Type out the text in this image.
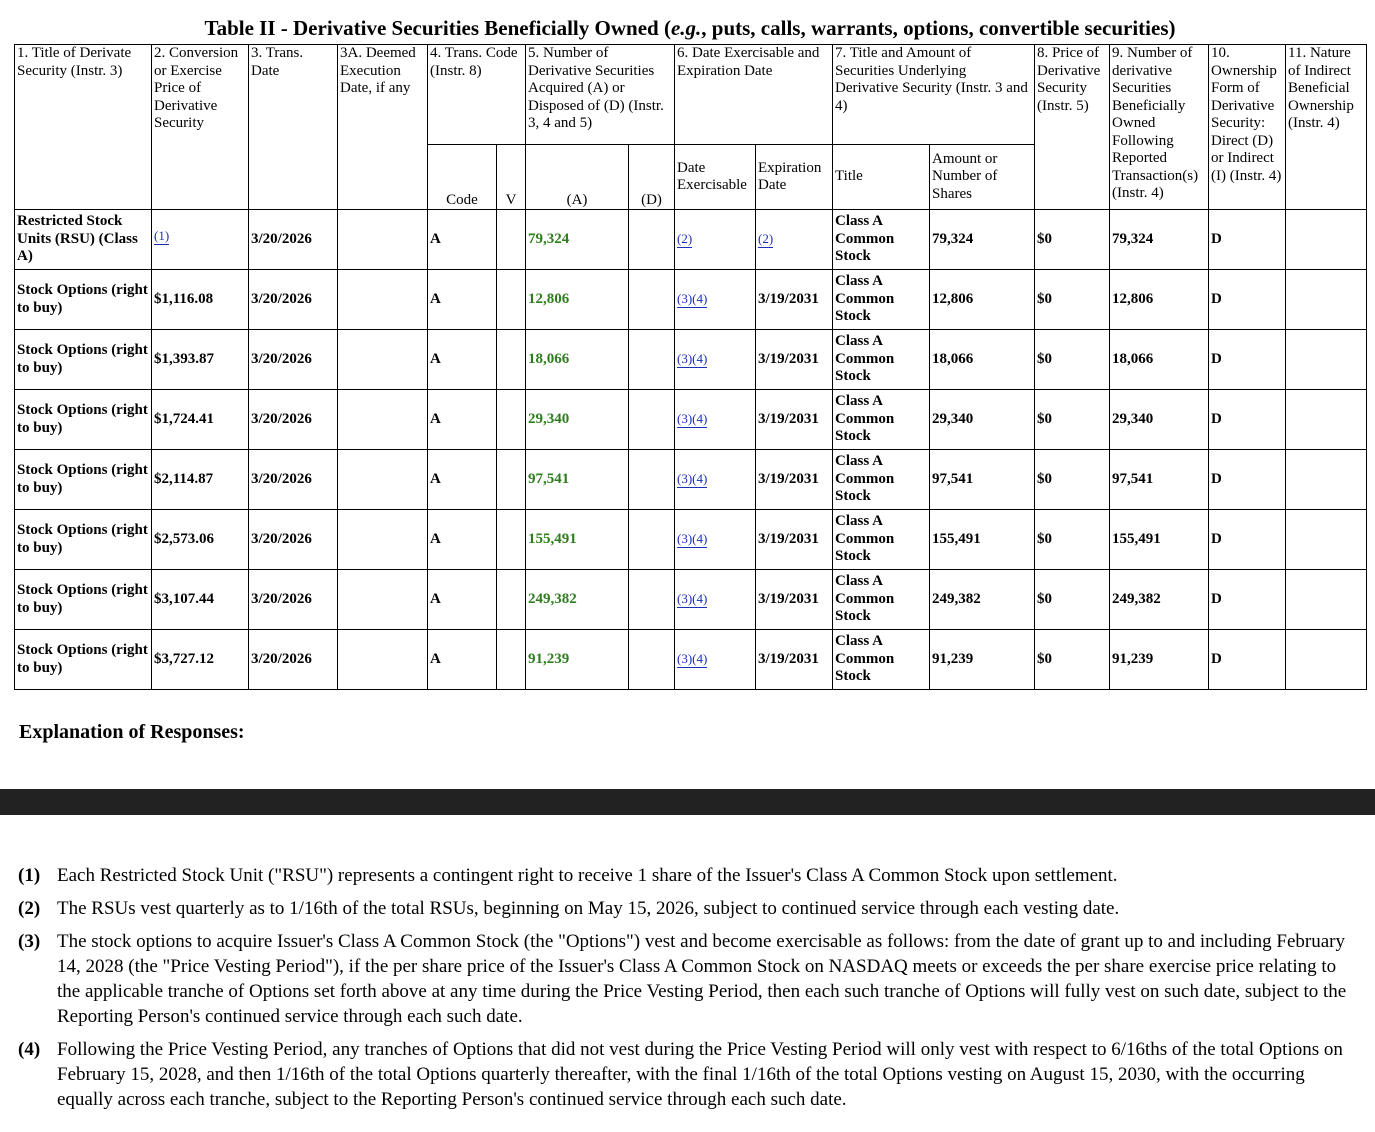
Table II - Derivative Securities Beneficially Owned (e.g., puts, calls, warrants, options, convertible securities)
1. Title of Derivate Security (Instr. 3)	2. Conversion or Exercise Price of Derivative Security	3. Trans. Date	3A. Deemed Execution Date, if any	4. Trans. Code (Instr. 8)		5. Number of Derivative Securities Acquired (A) or Disposed of (D) (Instr. 3, 4 and 5)		6. Date Exercisable and Expiration Date		7. Title and Amount of Securities Underlying Derivative Security (Instr. 3 and 4)		8. Price of Derivative Security (Instr. 5)	9. Number of derivative Securities Beneficially Owned Following Reported Transaction(s) (Instr. 4)	10. Ownership Form of Derivative Security: Direct (D) or Indirect (I) (Instr. 4)	11. Nature of Indirect Beneficial Ownership (Instr. 4)
				Code	V	(A)	(D)	Date Exercisable	Expiration Date	Title	Amount or Number of Shares				
Restricted Stock Units (RSU) (Class A)	(1)	3/20/2026		A		79,324		(2)	(2)	Class A Common Stock	79,324	$0	79,324	D	
Stock Options (right to buy)	$1,116.08	3/20/2026		A		12,806		(3)(4)	3/19/2031	Class A Common Stock	12,806	$0	12,806	D	
Stock Options (right to buy)	$1,393.87	3/20/2026		A		18,066		(3)(4)	3/19/2031	Class A Common Stock	18,066	$0	18,066	D	
Stock Options (right to buy)	$1,724.41	3/20/2026		A		29,340		(3)(4)	3/19/2031	Class A Common Stock	29,340	$0	29,340	D	
Stock Options (right to buy)	$2,114.87	3/20/2026		A		97,541		(3)(4)	3/19/2031	Class A Common Stock	97,541	$0	97,541	D	
Stock Options (right to buy)	$2,573.06	3/20/2026		A		155,491		(3)(4)	3/19/2031	Class A Common Stock	155,491	$0	155,491	D	
Stock Options (right to buy)	$3,107.44	3/20/2026		A		249,382		(3)(4)	3/19/2031	Class A Common Stock	249,382	$0	249,382	D	
Stock Options (right to buy)	$3,727.12	3/20/2026		A		91,239		(3)(4)	3/19/2031	Class A Common Stock	91,239	$0	91,239	D	
Explanation of Responses:
(1) Each Restricted Stock Unit ("RSU") represents a contingent right to receive 1 share of the Issuer's Class A Common Stock upon settlement.
(2) The RSUs vest quarterly as to 1/16th of the total RSUs, beginning on May 15, 2026, subject to continued service through each vesting date.
(3) The stock options to acquire Issuer's Class A Common Stock (the "Options") vest and become exercisable as follows: from the date of grant up to and including February 14, 2028 (the "Price Vesting Period"), if the per share price of the Issuer's Class A Common Stock on NASDAQ meets or exceeds the per share exercise price relating to the applicable tranche of Options set forth above at any time during the Price Vesting Period, then each such tranche of Options will fully vest on such date, subject to the Reporting Person's continued service through each such date.
(4) Following the Price Vesting Period, any tranches of Options that did not vest during the Price Vesting Period will only vest with respect to 6/16ths of the total Options on February 15, 2028, and then 1/16th of the total Options quarterly thereafter, with the final 1/16th of the total Options vesting on August 15, 2030, with the occurring equally across each tranche, subject to the Reporting Person's continued service through each such date.
